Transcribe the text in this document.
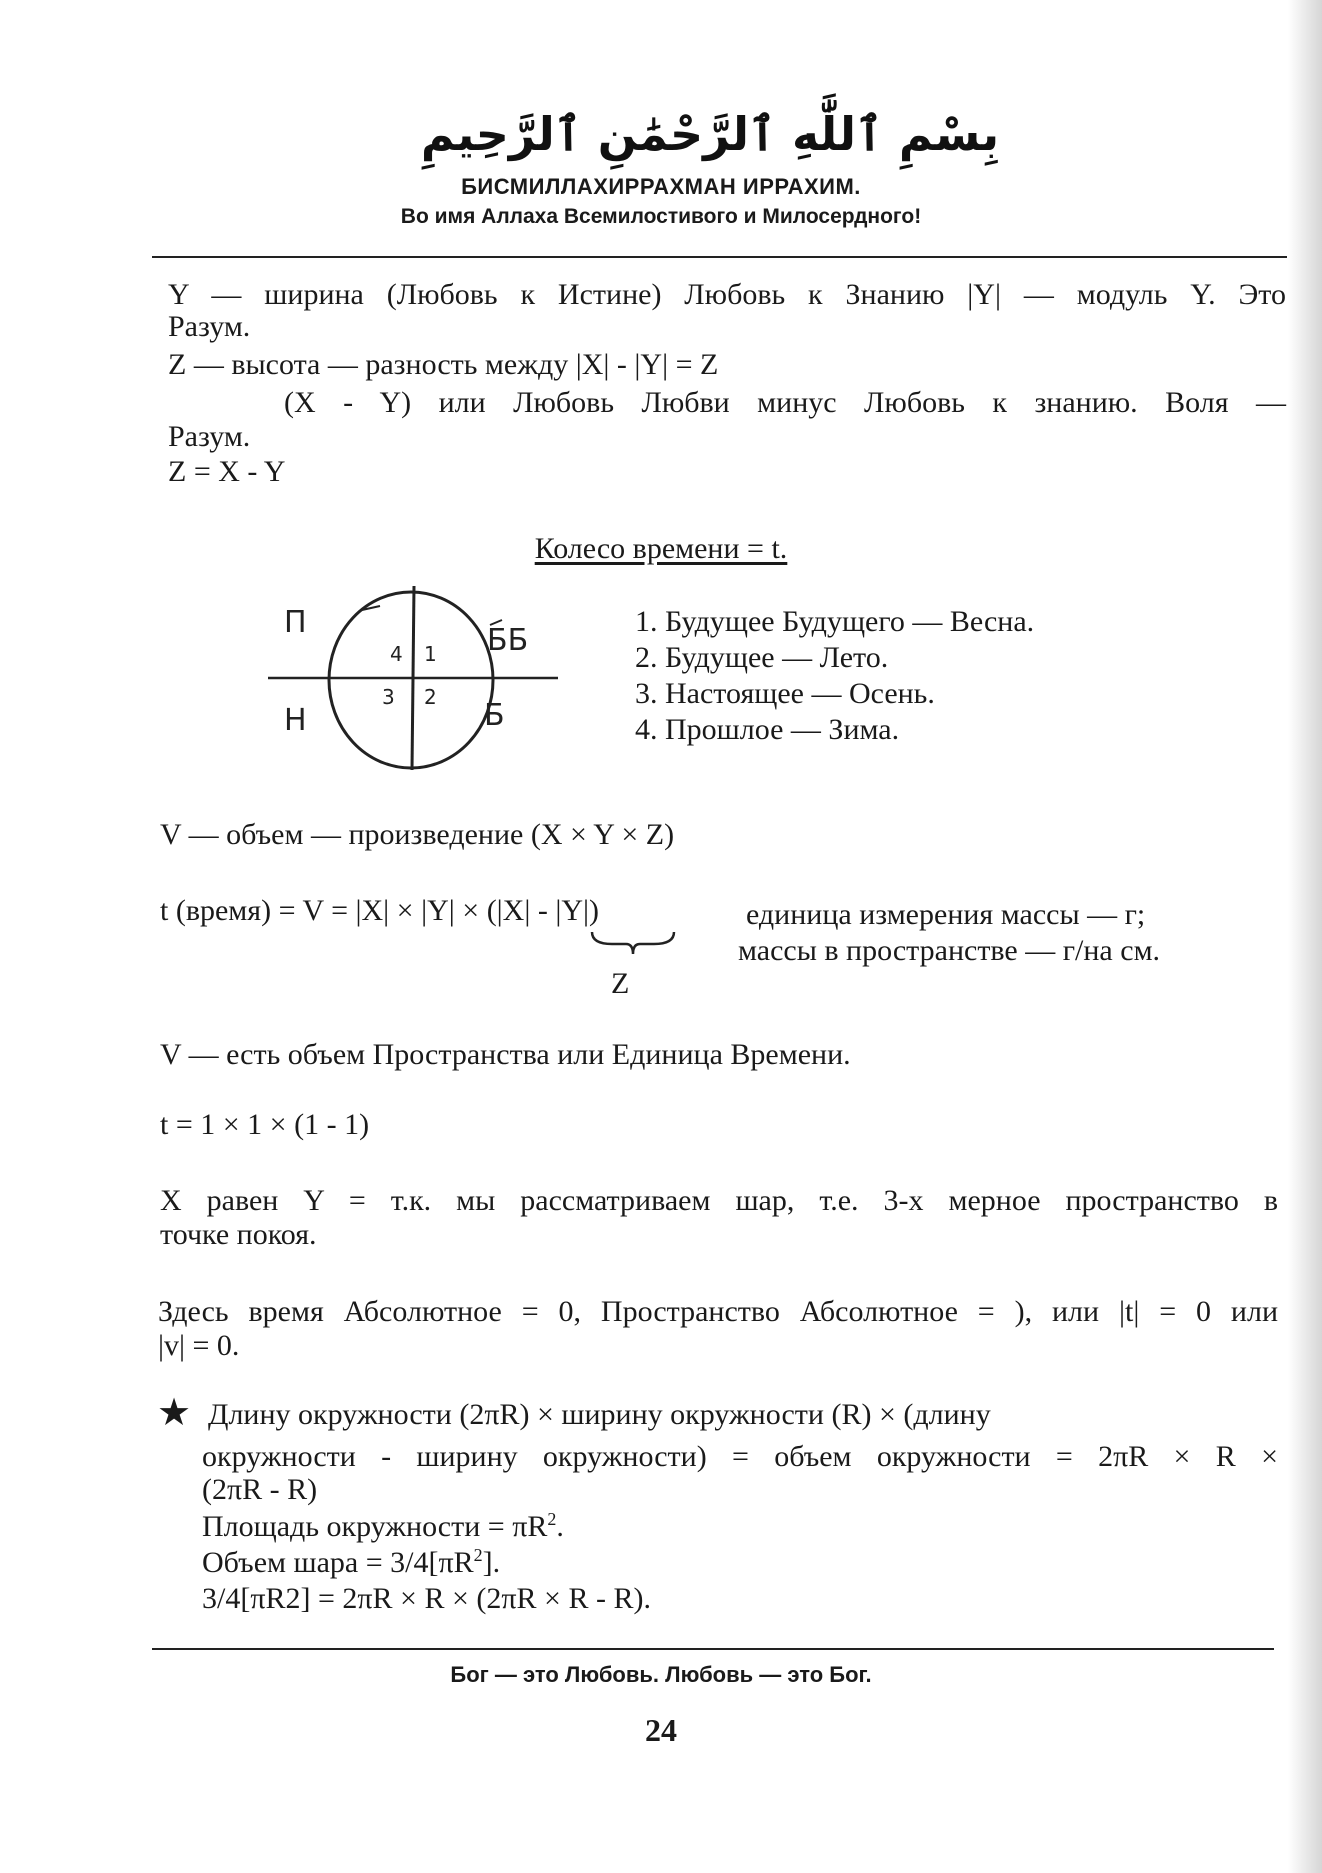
بِسْمِ ٱللَّٰهِ ٱلرَّحْمَٰنِ ٱلرَّحِيمِ
БИСМИЛЛАХИРРАХМАН ИРРАХИМ.
Во имя Аллаха Всемилостивого и Милосердного!
Y — ширина (Любовь к Истине) Любовь к Знанию |Y| — модуль Y. Это
Разум.
Z — высота — разность между |X| - |Y| = Z
(X - Y) или Любовь Любви минус Любовь к знанию. Воля —
Разум.
Z = X - Y
Колесо времени = t.
П
Н
ББ
Б
4 1
3 2
1. Будущее Будущего — Весна.
2. Будущее — Лето.
3. Настоящее — Осень.
4. Прошлое — Зима.
V — объем — произведение (X × Y × Z)
t (время) = V = |X| × |Y| × (|X| - |Y|)
Z
единица измерения массы — г;
массы в пространстве — г/на см.
V — есть объем Пространства или Единица Времени.
t = 1 × 1 × (1 - 1)
X равен Y = т.к. мы рассматриваем шар, т.е. 3-х мерное пространство в
точке покоя.
Здесь время Абсолютное = 0, Пространство Абсолютное = ), или |t| = 0 или
|v| = 0.
★ Длину окружности (2πR) × ширину окружности (R) × (длину
окружности - ширину окружности) = объем окружности = 2πR × R ×
(2πR - R)
Площадь окружности = $\pi R^2$.
Объем шара = $3/4[\pi R^2]$.
3/4[πR2] = 2πR × R × (2πR × R - R).
Бог — это Любовь. Любовь — это Бог.
24
